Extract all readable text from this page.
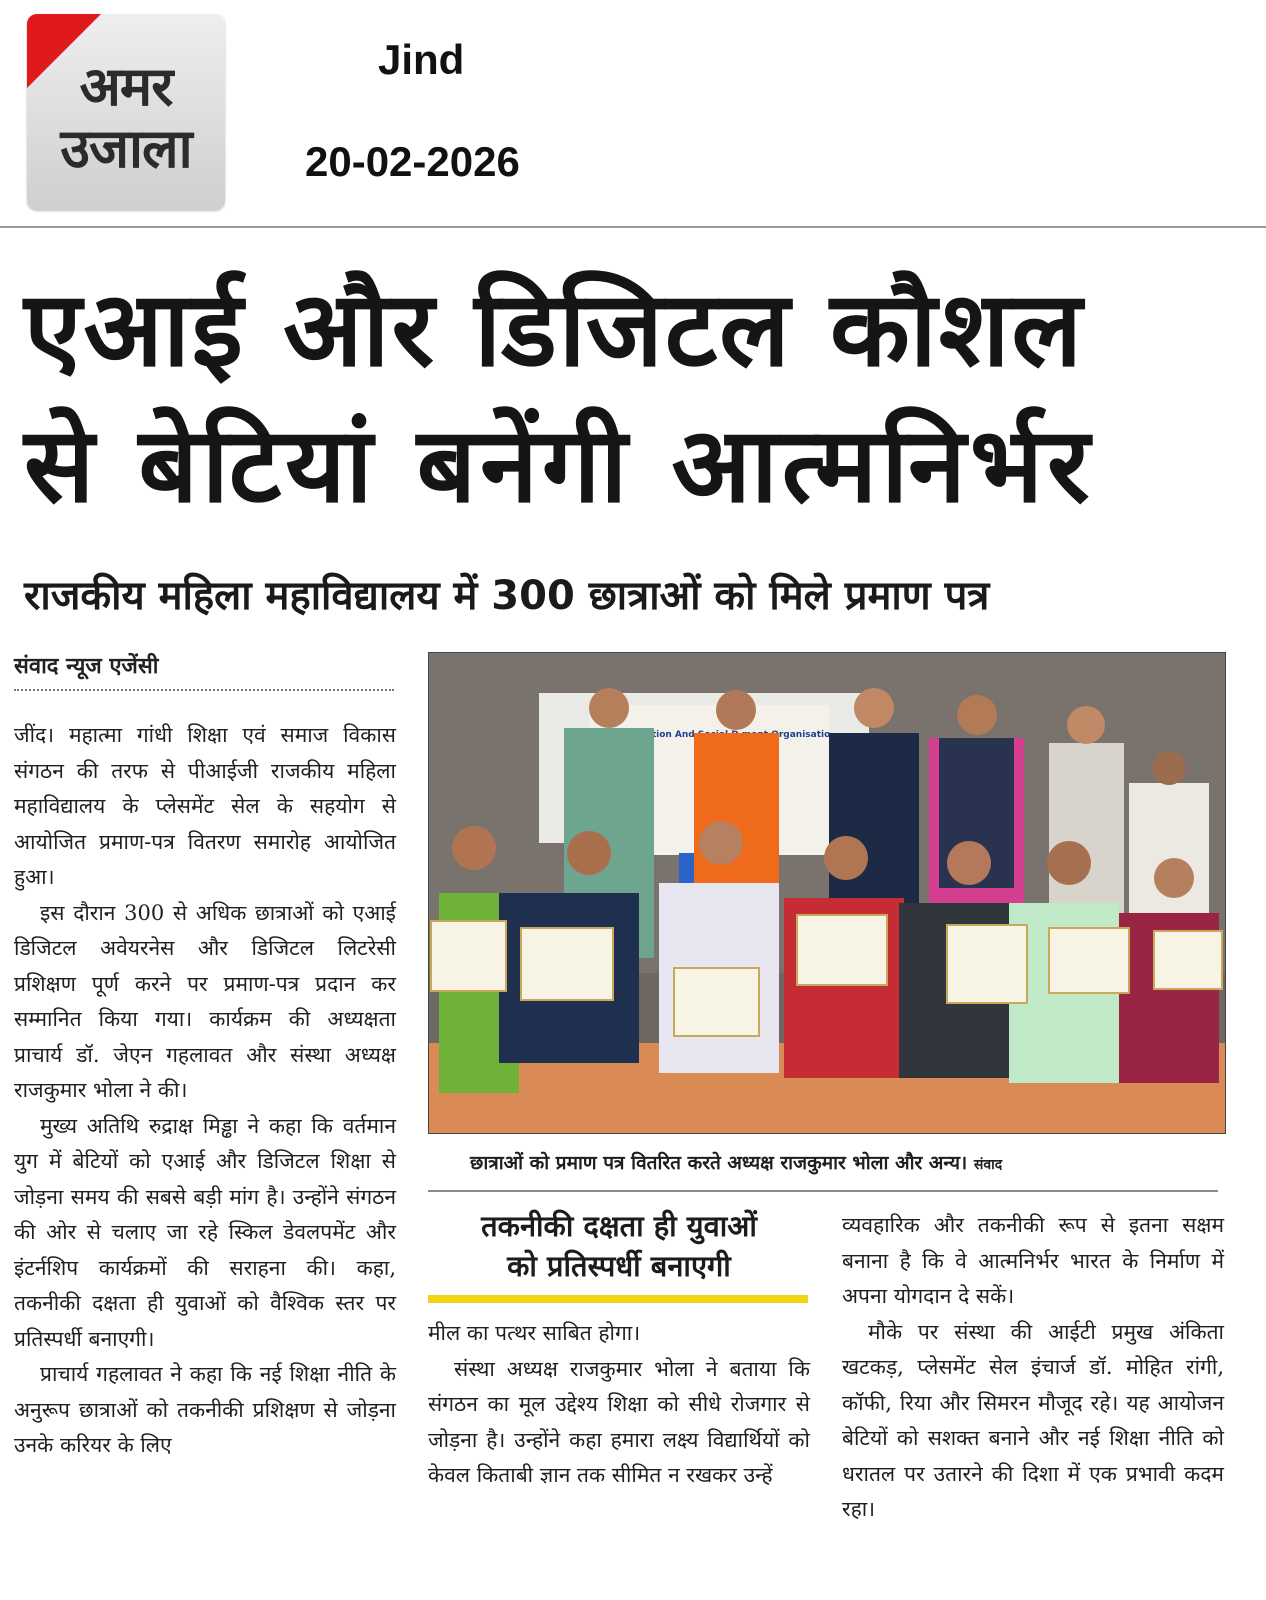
अमर
उजाला
Jind
20-02-2026
एआई और डिजिटल कौशल
से बेटियां बनेंगी आत्मनिर्भर
राजकीय महिला महाविद्यालय में 300 छात्राओं को मिले प्रमाण पत्र
संवाद न्यूज एजेंसी

जींद। महात्मा गांधी शिक्षा एवं समाज विकास संगठन की तरफ से पीआईजी राजकीय महिला महाविद्यालय के प्लेसमेंट सेल के सहयोग से आयोजित प्रमाण-पत्र वितरण समारोह आयोजित हुआ।

इस दौरान 300 से अधिक छात्राओं को एआई डिजिटल अवेयरनेस और डिजिटल लिटरेसी प्रशिक्षण पूर्ण करने पर प्रमाण-पत्र प्रदान कर सम्मानित किया गया। कार्यक्रम की अध्यक्षता प्राचार्य डॉ. जेएन गहलावत और संस्था अध्यक्ष राजकुमार भोला ने की।

मुख्य अतिथि रुद्राक्ष मिड्ढा ने कहा कि वर्तमान युग में बेटियों को एआई और डिजिटल शिक्षा से जोड़ना समय की सबसे बड़ी मांग है। उन्होंने संगठन की ओर से चलाए जा रहे स्किल डेवलपमेंट और इंटर्नशिप कार्यक्रमों की सराहना की। कहा, तकनीकी दक्षता ही युवाओं को वैश्विक स्तर पर प्रतिस्पर्धी बनाएगी।

प्राचार्य गहलावत ने कहा कि नई शिक्षा नीति के अनुरूप छात्राओं को तकनीकी प्रशिक्षण से जोड़ना उनके करियर के लिए

And Organisatio
छात्राओं को प्रमाण पत्र वितरित करते अध्यक्ष राजकुमार भोला और अन्य। संवाद
तकनीकी दक्षता ही युवाओं
को प्रतिस्पर्धी बनाएगी

मील का पत्थर साबित होगा।

संस्था अध्यक्ष राजकुमार भोला ने बताया कि संगठन का मूल उद्देश्य शिक्षा को सीधे रोजगार से जोड़ना है। उन्होंने कहा हमारा लक्ष्य विद्यार्थियों को केवल किताबी ज्ञान तक सीमित न रखकर उन्हें

व्यवहारिक और तकनीकी रूप से इतना सक्षम बनाना है कि वे आत्मनिर्भर भारत के निर्माण में अपना योगदान दे सकें।

मौके पर संस्था की आईटी प्रमुख अंकिता खटकड़, प्लेसमेंट सेल इंचार्ज डॉ. मोहित रांगी, कॉफी, रिया और सिमरन मौजूद रहे। यह आयोजन बेटियों को सशक्त बनाने और नई शिक्षा नीति को धरातल पर उतारने की दिशा में एक प्रभावी कदम रहा।
